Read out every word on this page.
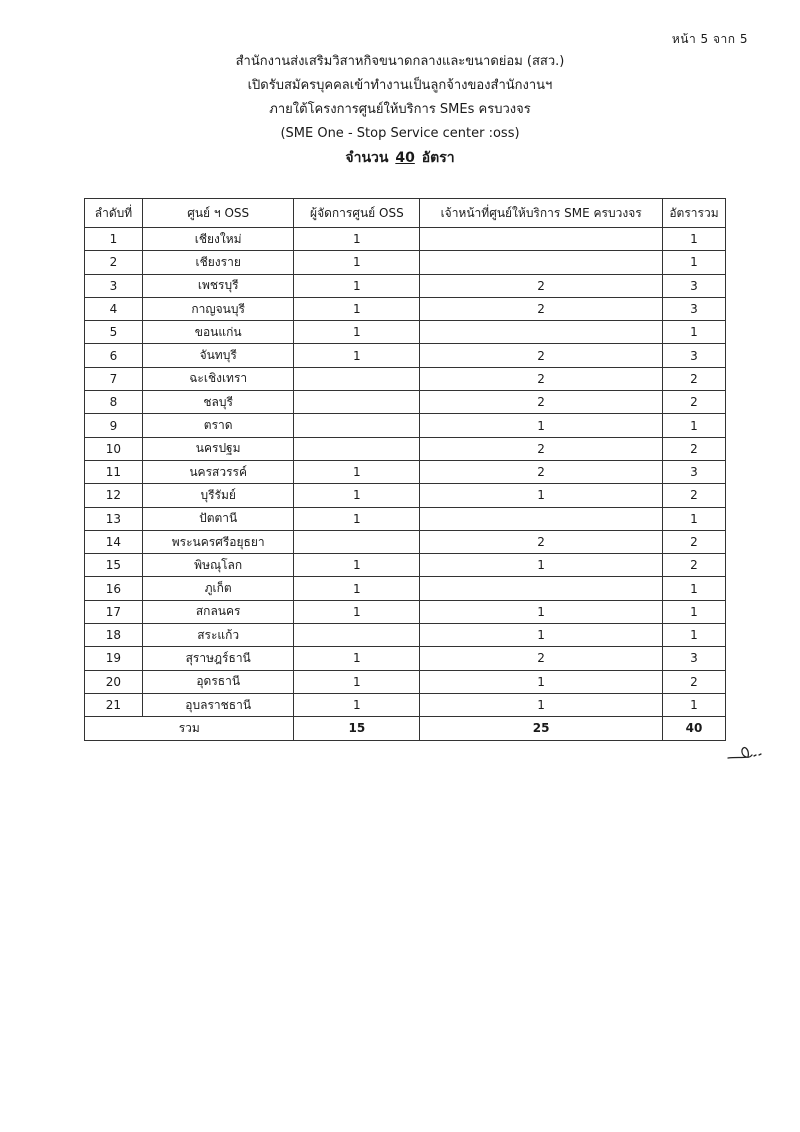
หน้า 5 จาก 5
สำนักงานส่งเสริมวิสาหกิจขนาดกลางและขนาดย่อม (สสว.)
เปิดรับสมัครบุคคลเข้าทำงานเป็นลูกจ้างของสำนักงานฯ
ภายใต้โครงการศูนย์ให้บริการ SMEs ครบวงจร
(SME One - Stop Service center :oss)
จำนวน 40 อัตรา
ลำดับที่	ศูนย์ ฯ OSS	ผู้จัดการศูนย์ OSS	เจ้าหน้าที่ศูนย์ให้บริการ SME ครบวงจร	อัตรารวม
1	เชียงใหม่	1		1
2	เชียงราย	1		1
3	เพชรบุรี	1	2	3
4	กาญจนบุรี	1	2	3
5	ขอนแก่น	1		1
6	จันทบุรี	1	2	3
7	ฉะเชิงเทรา		2	2
8	ชลบุรี		2	2
9	ตราด		1	1
10	นครปฐม		2	2
11	นครสวรรค์	1	2	3
12	บุรีรัมย์	1	1	2
13	ปัตตานี	1		1
14	พระนครศรีอยุธยา		2	2
15	พิษณุโลก	1	1	2
16	ภูเก็ต	1		1
17	สกลนคร	1	1	1
18	สระแก้ว		1	1
19	สุราษฎร์ธานี	1	2	3
20	อุดรธานี	1	1	2
21	อุบลราชธานี	1	1	1
รวม		15	25	40
